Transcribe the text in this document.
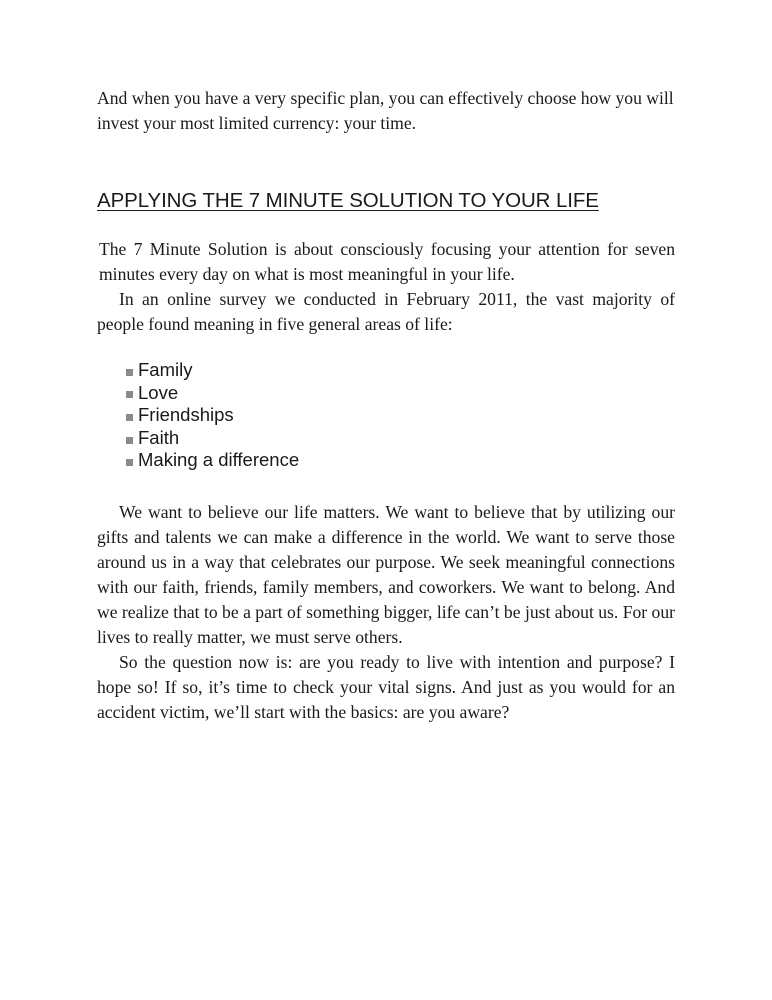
And when you have a very specific plan, you can effectively choose how you will invest your most limited currency: your time.

APPLYING THE 7 MINUTE SOLUTION TO YOUR LIFE

The 7 Minute Solution is about consciously focusing your attention for seven minutes every day on what is most meaningful in your life.

In an online survey we conducted in February 2011, the vast majority of people found meaning in five general areas of life:

Family
Love
Friendships
Faith
Making a difference

We want to believe our life matters. We want to believe that by utilizing our gifts and talents we can make a difference in the world. We want to serve those around us in a way that celebrates our purpose. We seek meaningful connections with our faith, friends, family members, and coworkers. We want to belong. And we realize that to be a part of something bigger, life can’t be just about us. For our lives to really matter, we must serve others.

So the question now is: are you ready to live with intention and purpose? I hope so! If so, it’s time to check your vital signs. And just as you would for an accident victim, we’ll start with the basics: are you aware?
